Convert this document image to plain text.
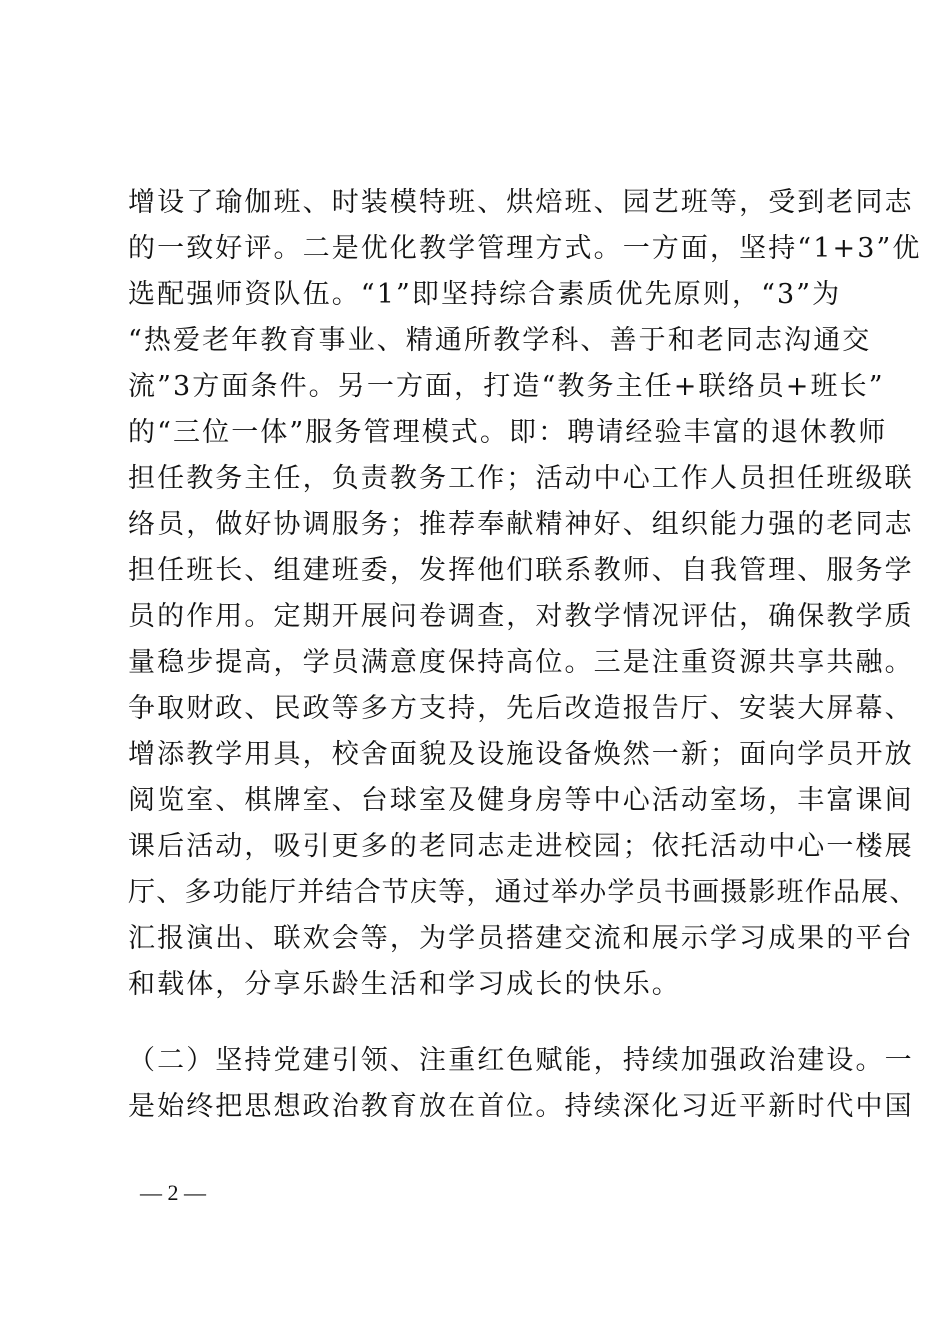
增设了瑜伽班、时装模特班、烘焙班、园艺班等，受到老同志
的一致好评。二是优化教学管理方式。一方面，坚持“1+3”优
选配强师资队伍。“1”即坚持综合素质优先原则，“3”为
“热爱老年教育事业、精通所教学科、善于和老同志沟通交
流”3方面条件。另一方面，打造“教务主任+联络员+班长”
的“三位一体”服务管理模式。即：聘请经验丰富的退休教师
担任教务主任，负责教务工作；活动中心工作人员担任班级联
络员，做好协调服务；推荐奉献精神好、组织能力强的老同志
担任班长、组建班委，发挥他们联系教师、自我管理、服务学
员的作用。定期开展问卷调查，对教学情况评估，确保教学质
量稳步提高，学员满意度保持高位。三是注重资源共享共融。
争取财政、民政等多方支持，先后改造报告厅、安装大屏幕、
增添教学用具，校舍面貌及设施设备焕然一新；面向学员开放
阅览室、棋牌室、台球室及健身房等中心活动室场，丰富课间
课后活动，吸引更多的老同志走进校园；依托活动中心一楼展
厅、多功能厅并结合节庆等，通过举办学员书画摄影班作品展、
汇报演出、联欢会等，为学员搭建交流和展示学习成果的平台
和载体，分享乐龄生活和学习成长的快乐。
（二）坚持党建引领、注重红色赋能，持续加强政治建设。一
是始终把思想政治教育放在首位。持续深化习近平新时代中国
— 2 —
